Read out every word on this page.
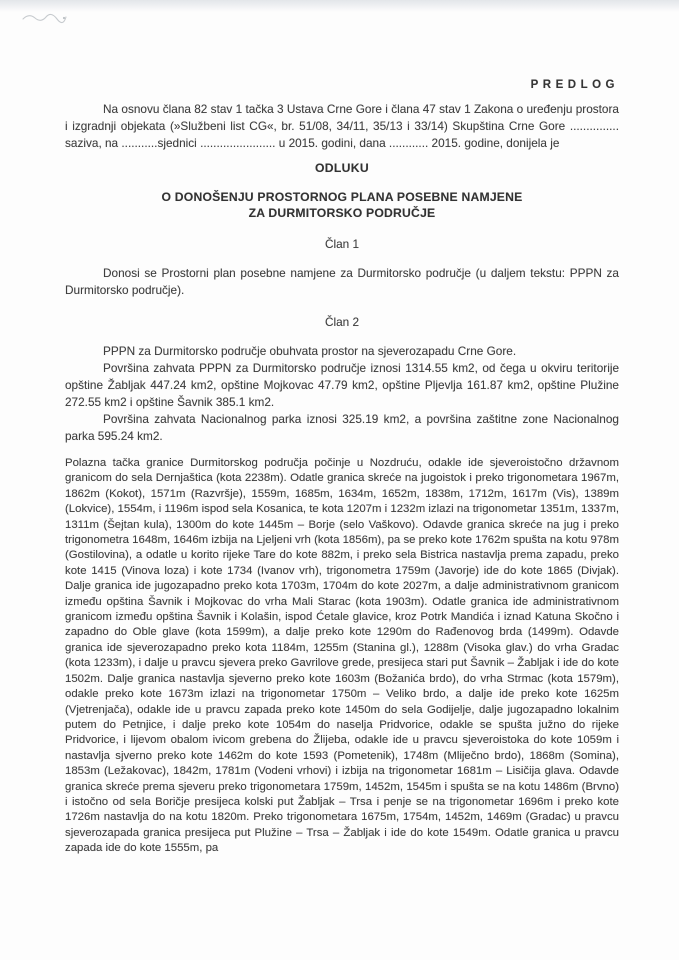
PREDLOG

Na osnovu člana 82 stav 1 tačka 3 Ustava Crne Gore i člana 47 stav 1 Zakona o uređenju prostora i izgradnji objekata (»Službeni list CG«, br. 51/08, 34/11, 35/13 i 33/14) Skupština Crne Gore ............... saziva, na ...........sjednici ....................... u 2015. godini, dana ............ 2015. godine, donijela je

ODLUKU
O DONOŠENJU PROSTORNOG PLANA POSEBNE NAMJENE
ZA DURMITORSKO PODRUČJE
Član 1

Donosi se Prostorni plan posebne namjene za Durmitorsko područje (u daljem tekstu: PPPN za Durmitorsko područje).

Član 2

PPPN za Durmitorsko područje obuhvata prostor na sjeverozapadu Crne Gore.

Površina zahvata PPPN za Durmitorsko područje iznosi 1314.55 km2, od čega u okviru teritorije opštine Žabljak 447.24 km2, opštine Mojkovac 47.79 km2, opštine Pljevlja 161.87 km2, opštine Plužine 272.55 km2 i opštine Šavnik 385.1 km2.

Površina zahvata Nacionalnog parka iznosi 325.19 km2, a površina zaštitne zone Nacionalnog parka 595.24 km2.

Polazna tačka granice Durmitorskog područja počinje u Nozdruću, odakle ide sjeveroistočno državnom granicom do sela Dernjaštica (kota 2238m). Odatle granica skreće na jugoistok i preko trigonometara 1967m, 1862m (Kokot), 1571m (Razvršje), 1559m, 1685m, 1634m, 1652m, 1838m, 1712m, 1617m (Vis), 1389m (Lokvice), 1554m, i 1196m ispod sela Kosanica, te kota 1207m i 1232m izlazi na trigonometar 1351m, 1337m, 1311m (Šejtan kula), 1300m do kote 1445m – Borje (selo Vaškovo). Odavde granica skreće na jug i preko trigonometra 1648m, 1646m izbija na Ljeljeni vrh (kota 1856m), pa se preko kote 1762m spušta na kotu 978m (Gostilovina), a odatle u korito rijeke Tare do kote 882m, i preko sela Bistrica nastavlja prema zapadu, preko kote 1415 (Vinova loza) i kote 1734 (Ivanov vrh), trigonometra 1759m (Javorje) ide do kote 1865 (Divjak). Dalje granica ide jugozapadno preko kota 1703m, 1704m do kote 2027m, a dalje administrativnom granicom između opština Šavnik i Mojkovac do vrha Mali Starac (kota 1903m). Odatle granica ide administrativnom granicom između opština Šavnik i Kolašin, ispod Ćetale glavice, kroz Potrk Mandića i iznad Katuna Skočno i zapadno do Oble glave (kota 1599m), a dalje preko kote 1290m do Rađenovog brda (1499m). Odavde granica ide sjeverozapadno preko kota 1184m, 1255m (Stanina gl.), 1288m (Visoka glav.) do vrha Gradac (kota 1233m), i dalje u pravcu sjevera preko Gavrilove grede, presijeca stari put Šavnik – Žabljak i ide do kote 1502m. Dalje granica nastavlja sjeverno preko kote 1603m (Božanića brdo), do vrha Strmac (kota 1579m), odakle preko kote 1673m izlazi na trigonometar 1750m – Veliko brdo, a dalje ide preko kote 1625m (Vjetrenjača), odakle ide u pravcu zapada preko kote 1450m do sela Godijelje, dalje jugozapadno lokalnim putem do Petnjice, i dalje preko kote 1054m do naselja Pridvorice, odakle se spušta južno do rijeke Pridvorice, i lijevom obalom ivicom grebena do Žlijeba, odakle ide u pravcu sjeveroistoka do kote 1059m i nastavlja sjverno preko kote 1462m do kote 1593 (Pometenik), 1748m (Mliječno brdo), 1868m (Somina), 1853m (Ležakovac), 1842m, 1781m (Vodeni vrhovi) i izbija na trigonometar 1681m – Lisičija glava. Odavde granica skreće prema sjeveru preko trigonometara 1759m, 1452m, 1545m i spušta se na kotu 1486m (Brvno) i istočno od sela Boričje presijeca kolski put Žabljak – Trsa i penje se na trigonometar 1696m i preko kote 1726m nastavlja do na kotu 1820m. Preko trigonometara 1675m, 1754m, 1452m, 1469m (Gradac) u pravcu sjeverozapada granica presijeca put Plužine – Trsa – Žabljak i ide do kote 1549m. Odatle granica u pravcu zapada ide do kote 1555m, pa
